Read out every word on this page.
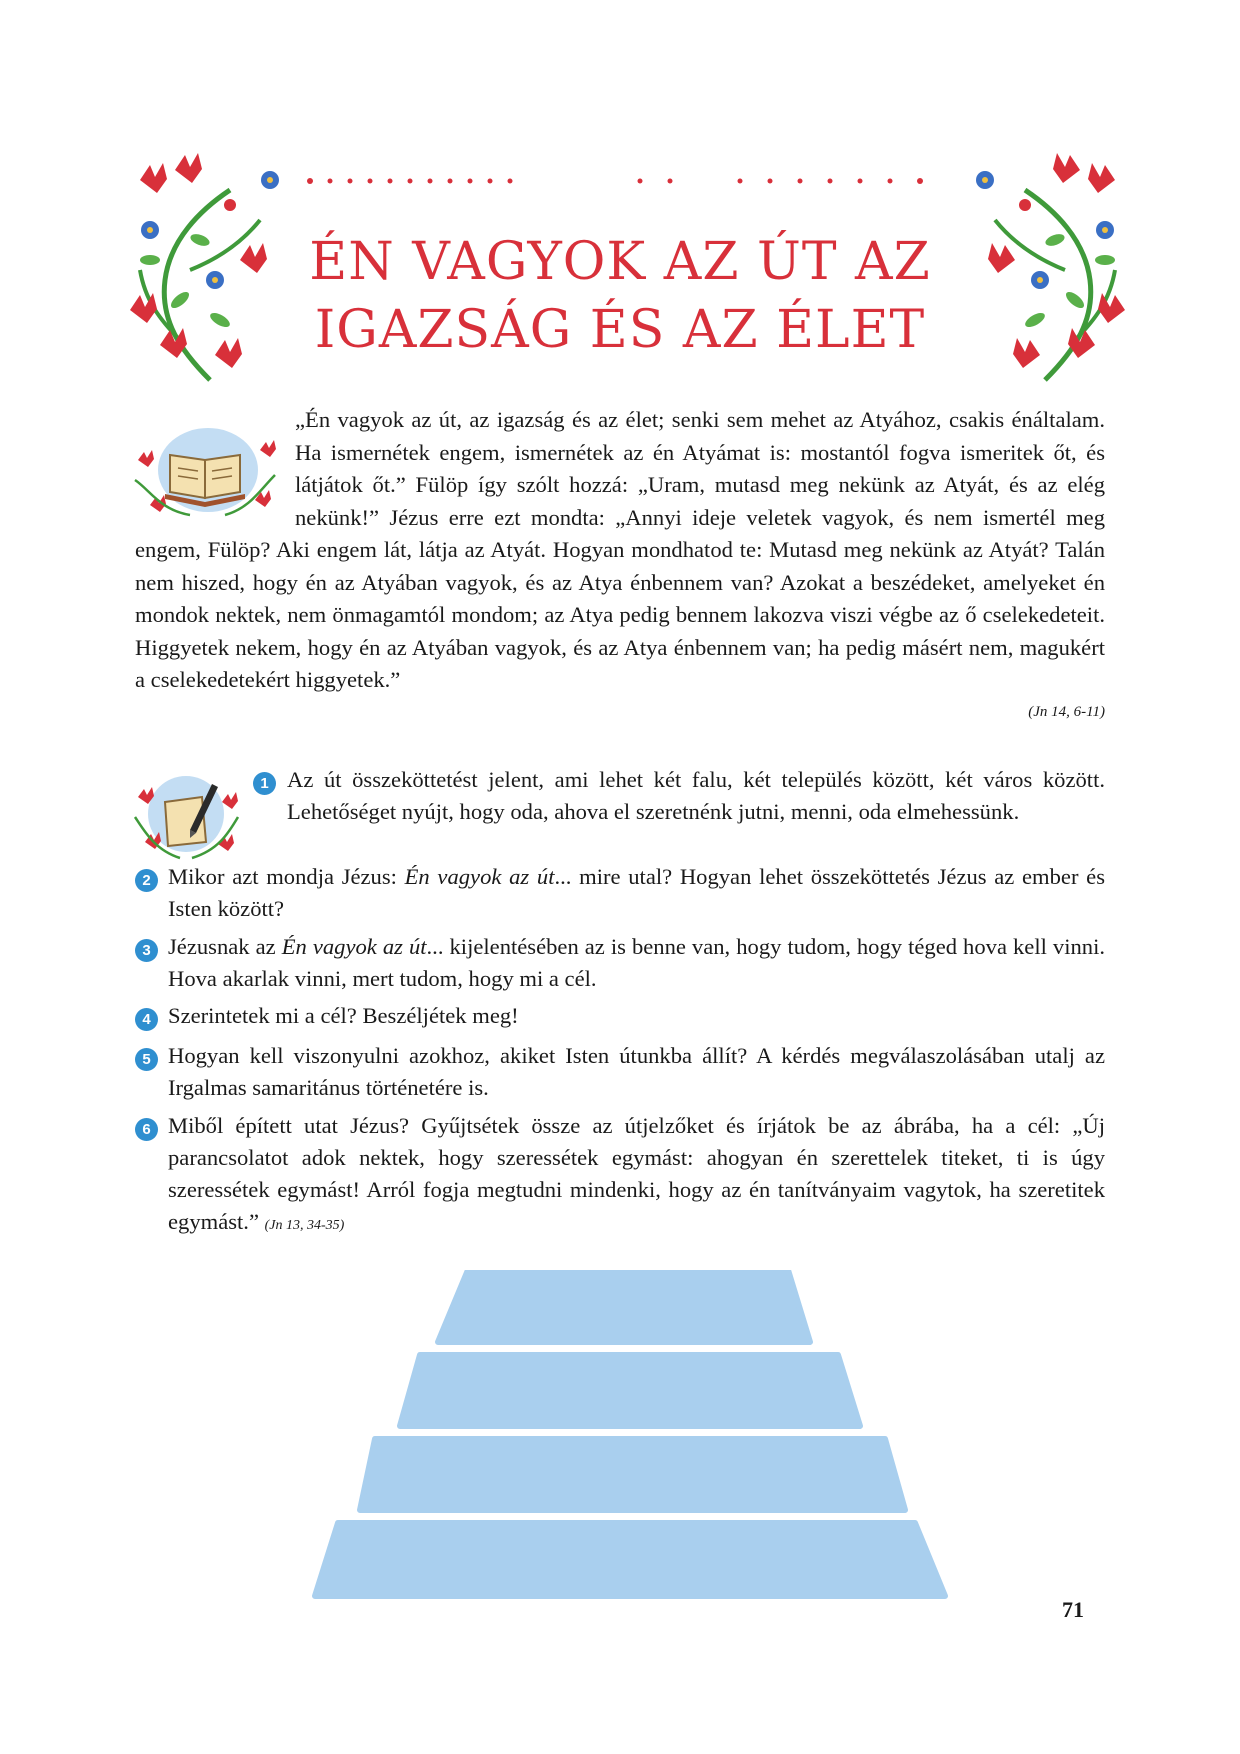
ÉN VAGYOK AZ ÚT AZ
IGAZSÁG ÉS AZ ÉLET

„Én vagyok az út, az igazság és az élet; senki sem mehet az Atyához, csakis énáltalam. Ha ismernétek engem, ismernétek az én Atyámat is: mostantól fogva ismeritek őt, és látjátok őt.” Fülöp így szólt hozzá: „Uram, mutasd meg nekünk az Atyát, és az elég nekünk!” Jézus erre ezt mondta: „Annyi ideje veletek vagyok, és nem ismertél meg engem, Fülöp? Aki engem lát, látja az Atyát. Hogyan mondhatod te: Mutasd meg nekünk az Atyát? Talán nem hiszed, hogy én az Atyában vagyok, és az Atya énbennem van? Azokat a beszédeket, amelyeket én mondok nektek, nem önmagamtól mondom; az Atya pedig bennem lakozva viszi végbe az ő cselekedeteit. Higgyetek nekem, hogy én az Atyában vagyok, és az Atya énbennem van; ha pedig másért nem, magukért a cselekedetekért higgyetek.”

(Jn 14, 6-11)
1 Az út összeköttetést jelent, ami lehet két falu, két település között, két város között. Lehetőséget nyújt, hogy oda, ahova el szeretnénk jutni, menni, oda elmehessünk.
2 Mikor azt mondja Jézus: Én vagyok az út... mire utal? Hogyan lehet összeköttetés Jézus az ember és Isten között?
3 Jézusnak az Én vagyok az út... kijelentésében az is benne van, hogy tudom, hogy téged hova kell vinni. Hova akarlak vinni, mert tudom, hogy mi a cél.
4 Szerintetek mi a cél? Beszéljétek meg!
5 Hogyan kell viszonyulni azokhoz, akiket Isten útunkba állít? A kérdés megválaszolásában utalj az Irgalmas samaritánus történetére is.
6 Miből épített utat Jézus? Gyűjtsétek össze az útjelzőket és írjátok be az ábrába, ha a cél: „Új parancsolatot adok nektek, hogy szeressétek egymást: ahogyan én szerettelek titeket, ti is úgy szeressétek egymást! Arról fogja megtudni mindenki, hogy az én tanítványaim vagytok, ha szeretitek egymást.” (Jn 13, 34-35)
71
